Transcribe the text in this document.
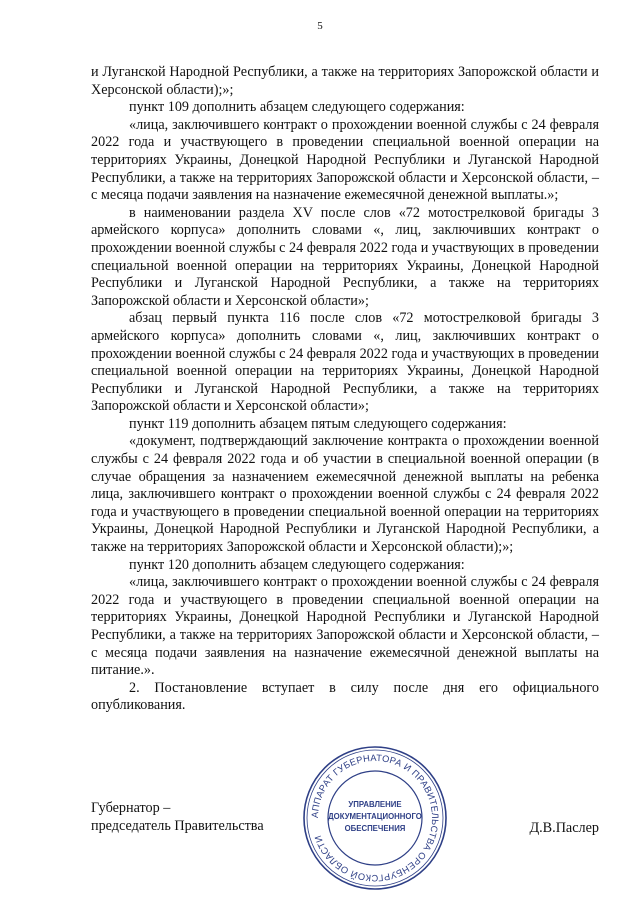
5

и Луганской Народной Республики, а также на территориях Запорожской области и Херсонской области);»;

пункт 109 дополнить абзацем следующего содержания:

«лица, заключившего контракт о прохождении военной службы с 24 февраля 2022 года и участвующего в проведении специальной военной операции на территориях Украины, Донецкой Народной Республики и Луганской Народной Республики, а также на территориях Запорожской области и Херсонской области, – с месяца подачи заявления на назначение ежемесячной денежной выплаты.»;

в наименовании раздела XV после слов «72 мотострелковой бригады 3 армейского корпуса» дополнить словами «, лиц, заключивших контракт о прохождении военной службы с 24 февраля 2022 года и участвующих в проведении специальной военной операции на территориях Украины, Донецкой Народной Республики и Луганской Народной Республики, а также на территориях Запорожской области и Херсонской области»;

абзац первый пункта 116 после слов «72 мотострелковой бригады 3 армейского корпуса» дополнить словами «, лиц, заключивших контракт о прохождении военной службы с 24 февраля 2022 года и участвующих в проведении специальной военной операции на территориях Украины, Донецкой Народной Республики и Луганской Народной Республики, а также на территориях Запорожской области и Херсонской области»;

пункт 119 дополнить абзацем пятым следующего содержания:

«документ, подтверждающий заключение контракта о прохождении военной службы с 24 февраля 2022 года и об участии в специальной военной операции (в случае обращения за назначением ежемесячной денежной выплаты на ребенка лица, заключившего контракт о прохождении военной службы с 24 февраля 2022 года и участвующего в проведении специальной военной операции на территориях Украины, Донецкой Народной Республики и Луганской Народной Республики, а также на территориях Запорожской области и Херсонской области);»;

пункт 120 дополнить абзацем следующего содержания:

«лица, заключившего контракт о прохождении военной службы с 24 февраля 2022 года и участвующего в проведении специальной военной операции на территориях Украины, Донецкой Народной Республики и Луганской Народной Республики, а также на территориях Запорожской области и Херсонской области, – с месяца подачи заявления на назначение ежемесячной денежной выплаты на питание.».

2. Постановление вступает в силу после дня его официального опубликования.

Губернатор –
председатель Правительства	Д.В.Паслер
АППАРАТ ГУБЕРНАТОРА И ПРАВИТЕЛЬСТВА ОРЕНБУРГСКОЙ ОБЛАСТИ
УПРАВЛЕНИЕ
ДОКУМЕНТАЦИОННОГО
ОБЕСПЕЧЕНИЯ
